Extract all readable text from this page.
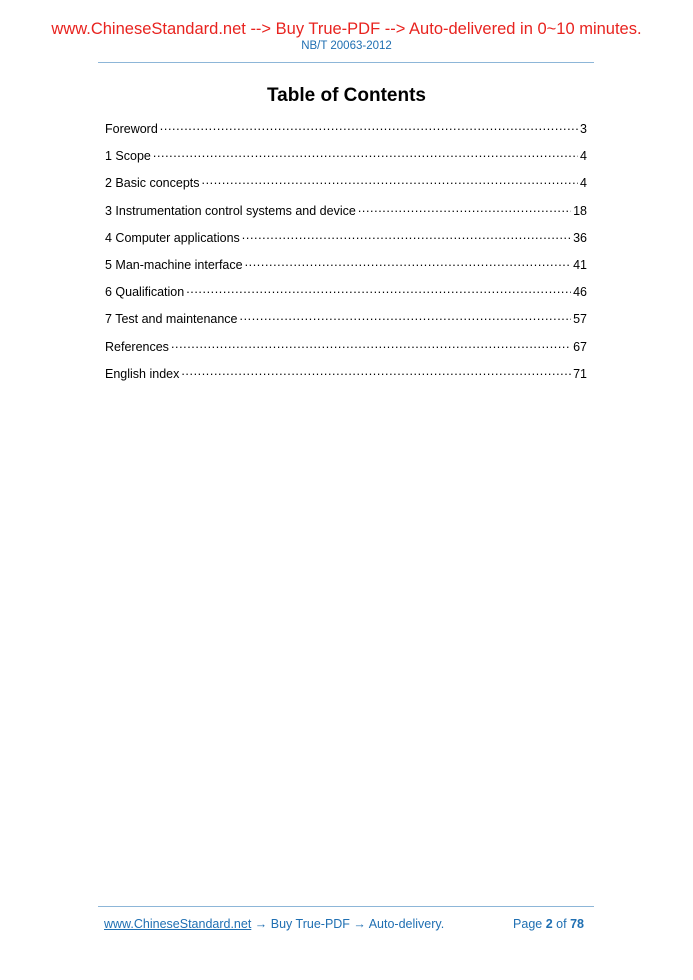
www.ChineseStandard.net --> Buy True-PDF --> Auto-delivered in 0~10 minutes.
NB/T 20063-2012
Table of Contents
Foreword .....	3
1 Scope .....	4
2 Basic concepts .....	4
3 Instrumentation control systems and device .....	18
4 Computer applications .....	36
5 Man-machine interface .....	41
6 Qualification .....	46
7 Test and maintenance .....	57
References .....	67
English index .....	71
www.ChineseStandard.net → Buy True-PDF → Auto-delivery.	Page 2 of 78
